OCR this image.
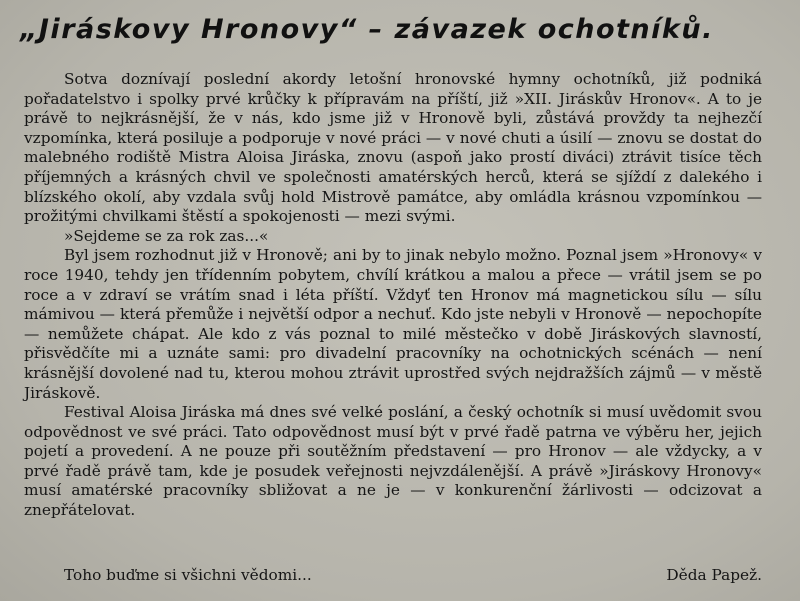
„Jiráskovy Hronovy“ – závazek ochotníků.

Sotva doznívají poslední akordy letošní hronovské hymny ochotníků, již podniká pořadatelstvo i spolky prvé krůčky k přípravám na příští, již »XII. Jiráskův Hronov«. A to je právě to nejkrásnější, že v nás, kdo jsme již v Hronově byli, zůstává provždy ta nejhezčí vzpomínka, která posiluje a podporuje v nové práci — v nové chuti a úsilí — znovu se dostat do malebného rodiště Mistra Aloisa Jiráska, znovu (aspoň jako prostí diváci) ztrávit tisíce těch příjemných a krásných chvil ve společnosti amatérských herců, která se sjíždí z dalekého i blízského okolí, aby vzdala svůj hold Mistrově památce, aby omládla krásnou vzpomínkou — prožitými chvilkami štěstí a spokojenosti — mezi svými.

»Sejdeme se za rok zas...«

Byl jsem rozhodnut již v Hronově; ani by to jinak nebylo možno. Poznal jsem »Hronovy« v roce 1940, tehdy jen třídenním pobytem, chvílí krátkou a malou a přece — vrátil jsem se po roce a v zdraví se vrátím snad i léta příští. Vždyť ten Hronov má magnetickou sílu — sílu mámivou — která přemůže i největší odpor a nechuť. Kdo jste nebyli v Hronově — nepochopíte — nemůžete chápat. Ale kdo z vás poznal to milé městečko v době Jiráskových slavností, přisvědčíte mi a uznáte sami: pro divadelní pracovníky na ochotnických scénách — není krásnější dovolené nad tu, kterou mohou ztrávit uprostřed svých nejdražších zájmů — v městě Jiráskově.

Festival Aloisa Jiráska má dnes své velké poslání, a český ochotník si musí uvědomit svou odpovědnost ve své práci. Tato odpovědnost musí být v prvé řadě patrna ve výběru her, jejich pojetí a provedení. A ne pouze při soutěžním představení — pro Hronov — ale vždycky, a v prvé řadě právě tam, kde je posudek veřejnosti nejvzdálenější. A právě »Jiráskovy Hronovy« musí amatérské pracovníky sbližovat a ne je — v konkurenční žárlivosti — odcizovat a znepřátelovat.

Toho buďme si všichni vědomi...	Děda Papež.
